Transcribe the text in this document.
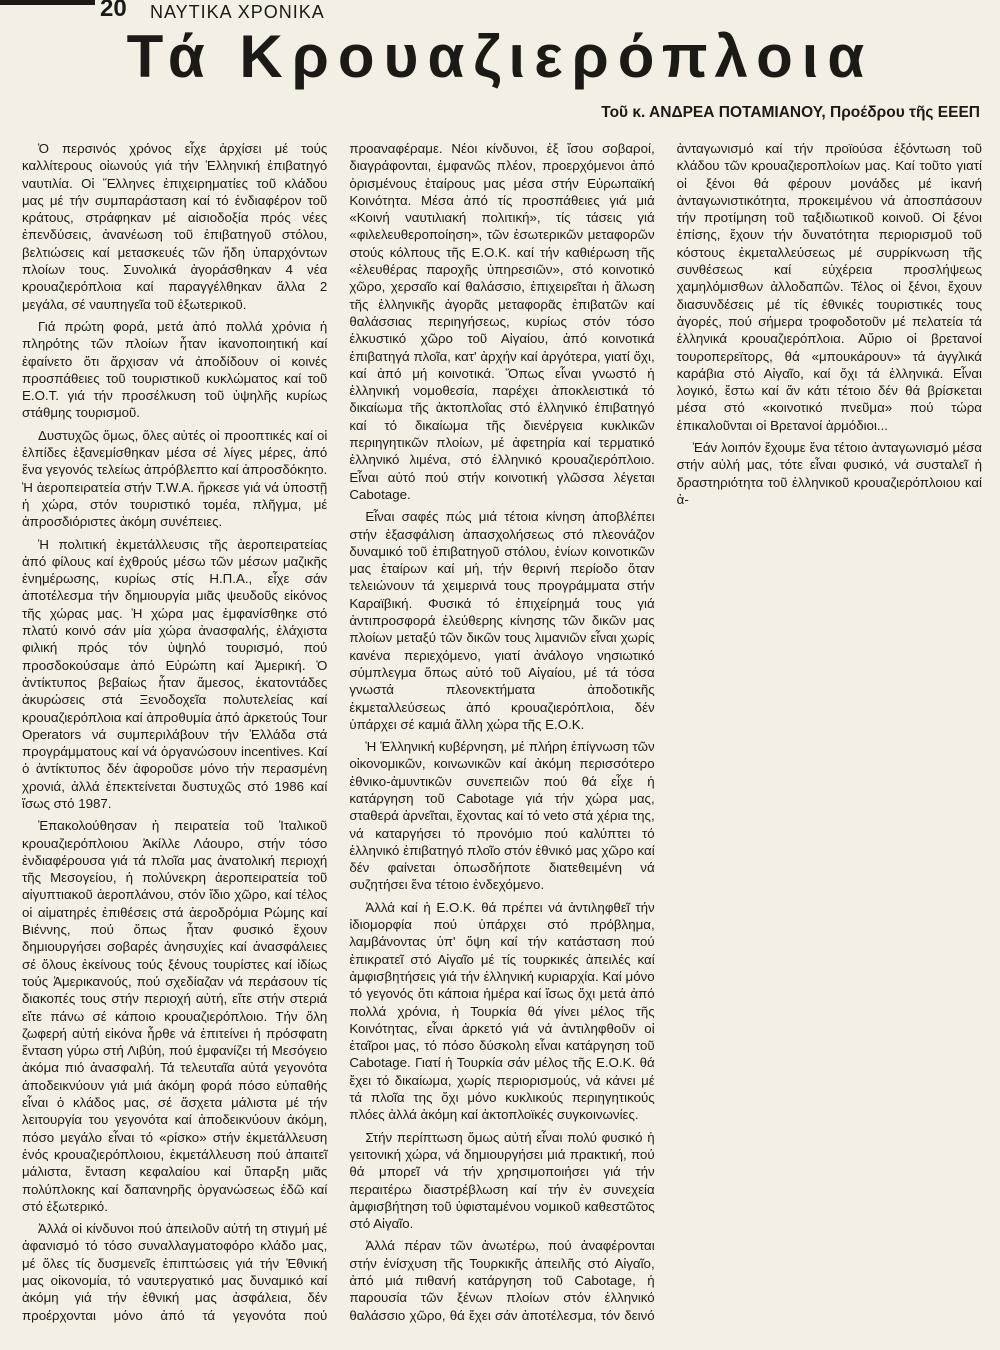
20 ΝΑΥΤΙΚΑ ΧΡΟΝΙΚΑ
Τά Κρουαζιερόπλοια
Τοῦ κ. ΑΝΔΡΕΑ ΠΟΤΑΜΙΑΝΟΥ, Προέδρου τῆς ΕΕΕΠ

Ὁ περσινός χρόνος εἶχε ἀρχίσει μέ τούς καλλίτερους οἰωνούς γιά τήν Ἑλληνική ἐπιβατηγό ναυτιλία. Οἱ Ἕλληνες ἐπιχειρηματίες τοῦ κλάδου μας μέ τήν συμπαράσταση καί τό ἐνδιαφέρον τοῦ κράτους, στράφηκαν μέ αἰσιοδοξία πρός νέες ἐπενδύσεις, ἀνανέωση τοῦ ἐπιβατηγοῦ στόλου, βελτιώσεις καί μετασκευές τῶν ἤδη ὑπαρχόντων πλοίων τους. Συνολικά ἀγοράσθηκαν 4 νέα κρουαζιερόπλοια καί παραγγέλθηκαν ἄλλα 2 μεγάλα, σέ ναυπηγεῖα τοῦ ἐξωτερικοῦ.

Γιά πρώτη φορά, μετά ἀπό πολλά χρόνια ἡ πληρότης τῶν πλοίων ἦταν ἱκανοποιητική καί ἐφαίνετο ὅτι ἄρχισαν νά ἀποδίδουν οἱ κοινές προσπάθειες τοῦ τουριστικοῦ κυκλώματος καί τοῦ Ε.Ο.Τ. γιά τήν προσέλκυση τοῦ ὑψηλῆς κυρίως στάθμης τουρισμοῦ.

Δυστυχῶς ὅμως, ὅλες αὐτές οἱ προοπτικές καί οἱ ἐλπίδες ἐξανεμίσθηκαν μέσα σέ λίγες μέρες, ἀπό ἕνα γεγονός τελείως ἀπρόβλεπτο καί ἀπροσδόκητο. Ἡ ἀεροπειρατεία στήν T.W.A. ἤρκεσε γιά νά ὑποστῇ ἡ χώρα, στόν τουριστικό τομέα, πλῆγμα, μέ ἀπροσδιόριστες ἀκόμη συνέπειες.

Ἡ πολιτική ἐκμετάλλευσις τῆς ἀεροπειρατείας ἀπό φίλους καί ἐχθρούς μέσω τῶν μέσων μαζικῆς ἐνημέρωσης, κυρίως στίς Η.Π.Α., εἶχε σάν ἀποτέλεσμα τήν δημιουργία μιᾶς ψευδοῦς εἰκόνος τῆς χώρας μας. Ἡ χώρα μας ἐμφανίσθηκε στό πλατύ κοινό σάν μία χώρα ἀνασφαλής, ἐλάχιστα φιλική πρός τόν ὑψηλό τουρισμό, πού προσδοκούσαμε ἀπό Εὐρώπη καί Ἀμερική. Ὁ ἀντίκτυπος βεβαίως ἦταν ἄμεσος, ἑκατοντάδες ἀκυρώσεις στά Ξενοδοχεῖα πολυτελείας καί κρουαζιερόπλοια καί ἀπροθυμία ἀπό ἀρκετούς Tour Operators νά συμπεριλάβουν τήν Ἑλλάδα στά προγράμματους καί νά ὀργανώσουν incentives. Καί ὁ ἀντίκτυπος δέν ἀφοροῦσε μόνο τήν περασμένη χρονιά, ἀλλά ἐπεκτείνεται δυστυχῶς στό 1986 καί ἴσως στό 1987.

Ἐπακολούθησαν ἡ πειρατεία τοῦ Ἰταλικοῦ κρουαζιερόπλοιου Ἀκίλλε Λάουρο, στήν τόσο ἐνδιαφέρουσα γιά τά πλοῖα μας ἀνατολική περιοχή τῆς Μεσογείου, ἡ πολύνεκρη ἀεροπειρατεία τοῦ αἰγυπτιακοῦ ἀεροπλάνου, στόν ἴδιο χῶρο, καί τέλος οἱ αἱματηρές ἐπιθέσεις στά ἀεροδρόμια Ρώμης καί Βιέννης, πού ὅπως ἦταν φυσικό ἔχουν δημιουργήσει σοβαρές ἀνησυχίες καί ἀνασφάλειες σέ ὅλους ἐκείνους τούς ξένους τουρίστες καί ἰδίως τούς Ἀμερικανούς, πού σχεδίαζαν νά περάσουν τίς διακοπές τους στήν περιοχή αὐτή, εἴτε στήν στεριά εἴτε πάνω σέ κάποιο κρουαζιερόπλοιο. Τήν ὅλη ζωφερή αὐτή εἰκόνα ἦρθε νά ἐπιτείνει ἡ πρόσφατη ἔνταση γύρω στή Λιβύη, πού ἐμφανίζει τή Μεσόγειο ἀκόμα πιό ἀνασφαλή. Τά τελευταῖα αὐτά γεγονότα ἀποδεικνύουν γιά μιά ἀκόμη φορά πόσο εὐπαθής εἶναι ὁ κλάδος μας, σέ ἄσχετα μάλιστα μέ τήν λειτουργία του γεγονότα καί ἀποδεικνύουν ἀκόμη, πόσο μεγάλο εἶναι τό «ρίσκο» στήν ἐκμετάλλευση ἑνός κρουαζιερόπλοιου, ἐκμετάλλευση πού ἀπαιτεῖ μάλιστα, ἔνταση κεφαλαίου καί ὕπαρξη μιᾶς πολύπλοκης καί δαπανηρῆς ὀργανώσεως ἐδῶ καί στό ἐξωτερικό.

Ἀλλά οἱ κίνδυνοι πού ἀπειλοῦν αὐτή τη στιγμή μέ ἀφανισμό τό τόσο συναλλαγματοφόρο κλάδο μας, μέ ὅλες τίς δυσμενεῖς ἐπιπτώσεις γιά τήν Ἐθνική μας οἰκονομία, τό ναυτεργατικό μας δυναμικό καί ἀκόμη γιά τήν ἐθνική μας ἀσφάλεια, δέν προέρχονται μόνο ἀπό τά γεγονότα πού προαναφέραμε. Νέοι κίνδυνοι, ἐξ ἴσου σοβαροί, διαγράφονται, ἐμφανῶς πλέον, προερχόμενοι ἀπό ὁρισμένους ἑταίρους μας μέσα στήν Εὐρωπαϊκή Κοινότητα. Μέσα ἀπό τίς προσπάθειες γιά μιά «Κοινή ναυτιλιακή πολιτική», τίς τάσεις γιά «φιλελευθεροποίηση», τῶν ἐσωτερικῶν μεταφορῶν στούς κόλπους τῆς Ε.Ο.Κ. καί τήν καθιέρωση τῆς «ἐλευθέρας παροχῆς ὑπηρεσιῶν», στό κοινοτικό χῶρο, χερσαῖο καί θαλάσσιο, ἐπιχειρεῖται ἡ ἅλωση τῆς ἑλληνικῆς ἀγορᾶς μεταφορᾶς ἐπιβατῶν καί θαλάσσιας περιηγήσεως, κυρίως στόν τόσο ἑλκυστικό χῶρο τοῦ Αἰγαίου, ἀπό κοινοτικά ἐπιβατηγά πλοῖα, κατ' ἀρχήν καί ἀργότερα, γιατί ὄχι, καί ἀπό μή κοινοτικά. Ὅπως εἶναι γνωστό ἡ ἑλληνική νομοθεσία, παρέχει ἀποκλειστικά τό δικαίωμα τῆς ἀκτοπλοΐας στό ἑλληνικό ἐπιβατηγό καί τό δικαίωμα τῆς διενέργεια κυκλικῶν περιηγητικῶν πλοίων, μέ ἀφετηρία καί τερματικό ἑλληνικό λιμένα, στό ἑλληνικό κρουαζιερόπλοιο. Εἶναι αὐτό πού στήν κοινοτική γλῶσσα λέγεται Cabotage.

Εἶναι σαφές πώς μιά τέτοια κίνηση ἀποβλέπει στήν ἐξασφάλιση ἀπασχολήσεως στό πλεονάζον δυναμικό τοῦ ἐπιβατηγοῦ στόλου, ἐνίων κοινοτικῶν μας ἑταίρων καί μή, τήν θερινή περίοδο ὅταν τελειώνουν τά χειμερινά τους προγράμματα στήν Καραϊβική. Φυσικά τό ἐπιχείρημά τους γιά ἀντιπροσφορά ἐλεύθερης κίνησης τῶν δικῶν μας πλοίων μεταξύ τῶν δικῶν τους λιμανιῶν εἶναι χωρίς κανένα περιεχόμενο, γιατί ἀνάλογο νησιωτικό σύμπλεγμα ὅπως αὐτό τοῦ Αἰγαίου, μέ τά τόσα γνωστά πλεονεκτήματα ἀποδοτικῆς ἐκμεταλλεύσεως ἀπό κρουαζιερόπλοια, δέν ὑπάρχει σέ καμιά ἄλλη χώρα τῆς Ε.Ο.Κ.

Ἡ Ἑλληνική κυβέρνηση, μέ πλήρη ἐπίγνωση τῶν οἰκονομικῶν, κοινωνικῶν καί ἀκόμη περισσότερο ἐθνικο-ἀμυντικῶν συνεπειῶν πού θά εἶχε ἡ κατάργηση τοῦ Cabotage γιά τήν χώρα μας, σταθερά ἀρνεῖται, ἔχοντας καί τό veto στά χέρια της, νά καταργήσει τό προνόμιο πού καλύπτει τό ἑλληνικό ἐπιβατηγό πλοῖο στόν ἐθνικό μας χῶρο καί δέν φαίνεται ὁπωσδήποτε διατεθειμένη νά συζητήσει ἕνα τέτοιο ἐνδεχόμενο.

Ἀλλά καί ἡ Ε.Ο.Κ. θά πρέπει νά ἀντιληφθεῖ τήν ἰδιομορφία πού ὑπάρχει στό πρόβλημα, λαμβάνοντας ὑπ' ὄψη καί τήν κατάσταση πού ἐπικρατεῖ στό Αἰγαῖο μέ τίς τουρκικές ἀπειλές καί ἀμφισβητήσεις γιά τήν ἑλληνική κυριαρχία. Καί μόνο τό γεγονός ὅτι κάποια ἡμέρα καί ἴσως ὄχι μετά ἀπό πολλά χρόνια, ἡ Τουρκία θά γίνει μέλος τῆς Κοινότητας, εἶναι ἀρκετό γιά νά ἀντιληφθοῦν οἱ ἑταῖροι μας, τό πόσο δύσκολη εἶναι κατάργηση τοῦ Cabotage. Γιατί ἡ Τουρκία σάν μέλος τῆς Ε.Ο.Κ. θά ἔχει τό δικαίωμα, χωρίς περιορισμούς, νά κάνει μέ τά πλοῖα της ὄχι μόνο κυκλικούς περιηγητικούς πλόες ἀλλά ἀκόμη καί ἀκτοπλοϊκές συγκοινωνίες.

Στήν περίπτωση ὅμως αὐτή εἶναι πολύ φυσικό ἡ γειτονική χώρα, νά δημιουργήσει μιά πρακτική, πού θά μπορεῖ νά τήν χρησιμοποιήσει γιά τήν περαιτέρω διαστρέβλωση καί τήν ἐν συνεχεία ἀμφισβήτηση τοῦ ὑφισταμένου νομικοῦ καθεστῶτος στό Αἰγαῖο.

Ἀλλά πέραν τῶν ἀνωτέρω, πού ἀναφέρονται στήν ἐνίσχυση τῆς Τουρκικῆς ἀπειλῆς στό Αἰγαῖο, ἀπό μιά πιθανή κατάργηση τοῦ Cabotage, ἡ παρουσία τῶν ξένων πλοίων στόν ἑλληνικό θαλάσσιο χῶρο, θά ἔχει σάν ἀποτέλεσμα, τόν δεινό ἀνταγωνισμό καί τήν προϊούσα ἐξόντωση τοῦ κλάδου τῶν κρουαζιεροπλοίων μας. Καί τοῦτο γιατί οἱ ξένοι θά φέρουν μονάδες μέ ἱκανή ἀνταγωνιστικότητα, προκειμένου νά ἀποσπάσουν τήν προτίμηση τοῦ ταξιδιωτικοῦ κοινοῦ. Οἱ ξένοι ἐπίσης, ἔχουν τήν δυνατότητα περιορισμοῦ τοῦ κόστους ἐκμεταλλεύσεως μέ συρρίκνωση τῆς συνθέσεως καί εὐχέρεια προσλήψεως χαμηλόμισθων ἀλλοδαπῶν. Τέλος οἱ ξένοι, ἔχουν διασυνδέσεις μέ τίς ἐθνικές τουριστικές τους ἀγορές, πού σήμερα τροφοδοτοῦν μέ πελατεία τά ἑλληνικά κρουαζιερόπλοια. Αὔριο οἱ βρετανοί τουροπερεϊτορς, θά «μπουκάρουν» τά ἀγγλικά καράβια στό Αἰγαῖο, καί ὄχι τά ἑλληνικά. Εἶναι λογικό, ἔστω καί ἄν κάτι τέτοιο δέν θά βρίσκεται μέσα στό «κοινοτικό πνεῦμα» πού τώρα ἐπικαλοῦνται οἱ Βρετανοί ἁρμόδιοι...

Ἐάν λοιπόν ἔχουμε ἕνα τέτοιο ἀνταγωνισμό μέσα στήν αὐλή μας, τότε εἶναι φυσικό, νά συσταλεῖ ἡ δραστηριότητα τοῦ ἑλληνικοῦ κρουαζιερόπλοιου καί ἀ-
